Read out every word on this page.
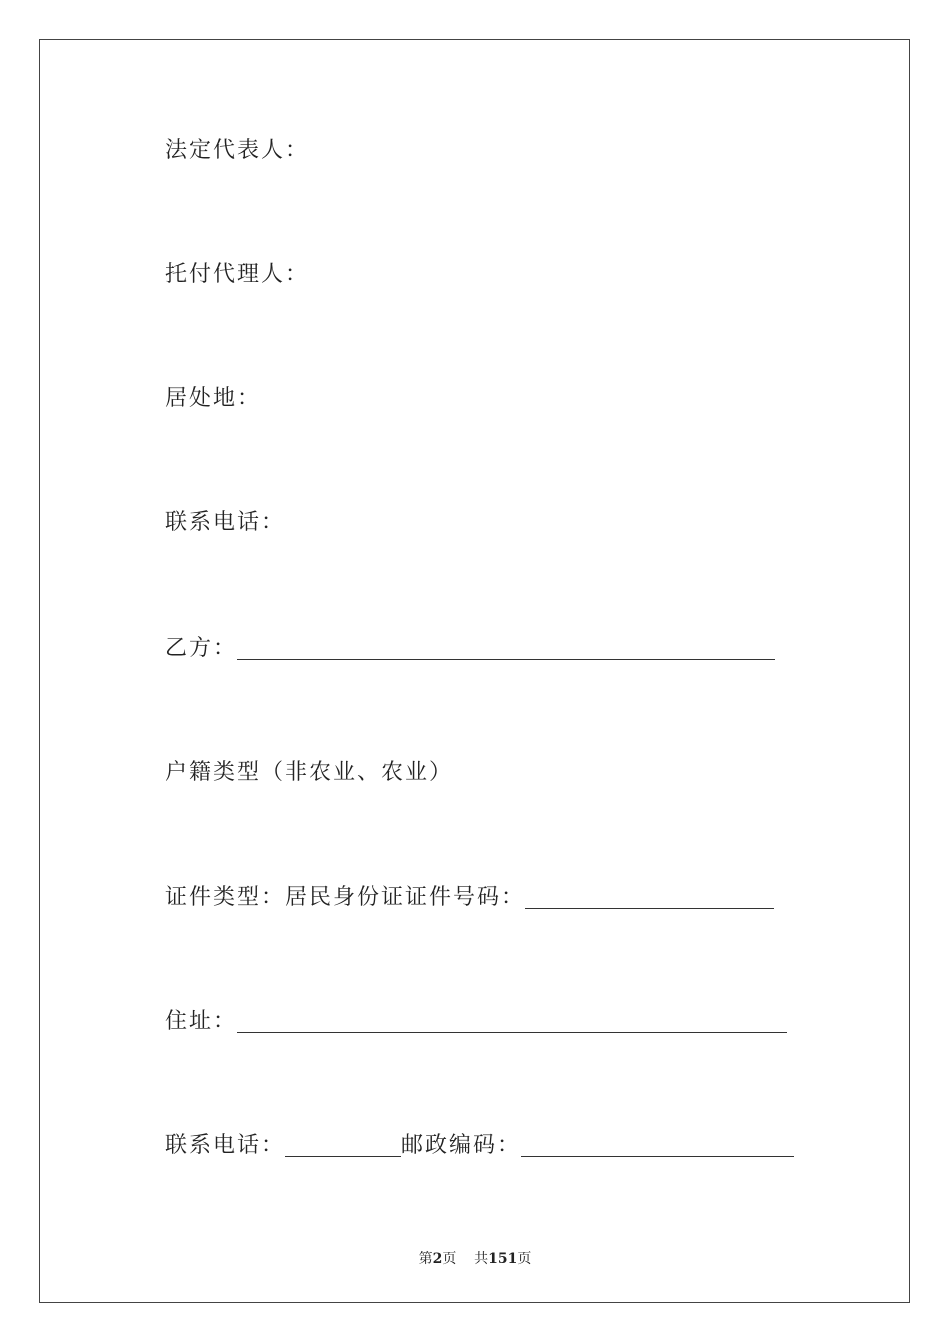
法定代表人：
托付代理人：
居处地：
联系电话：
乙方：
户籍类型（非农业、农业）
证件类型：居民身份证证件号码：
住址：
联系电话：	邮政编码：
第2页 共151页
